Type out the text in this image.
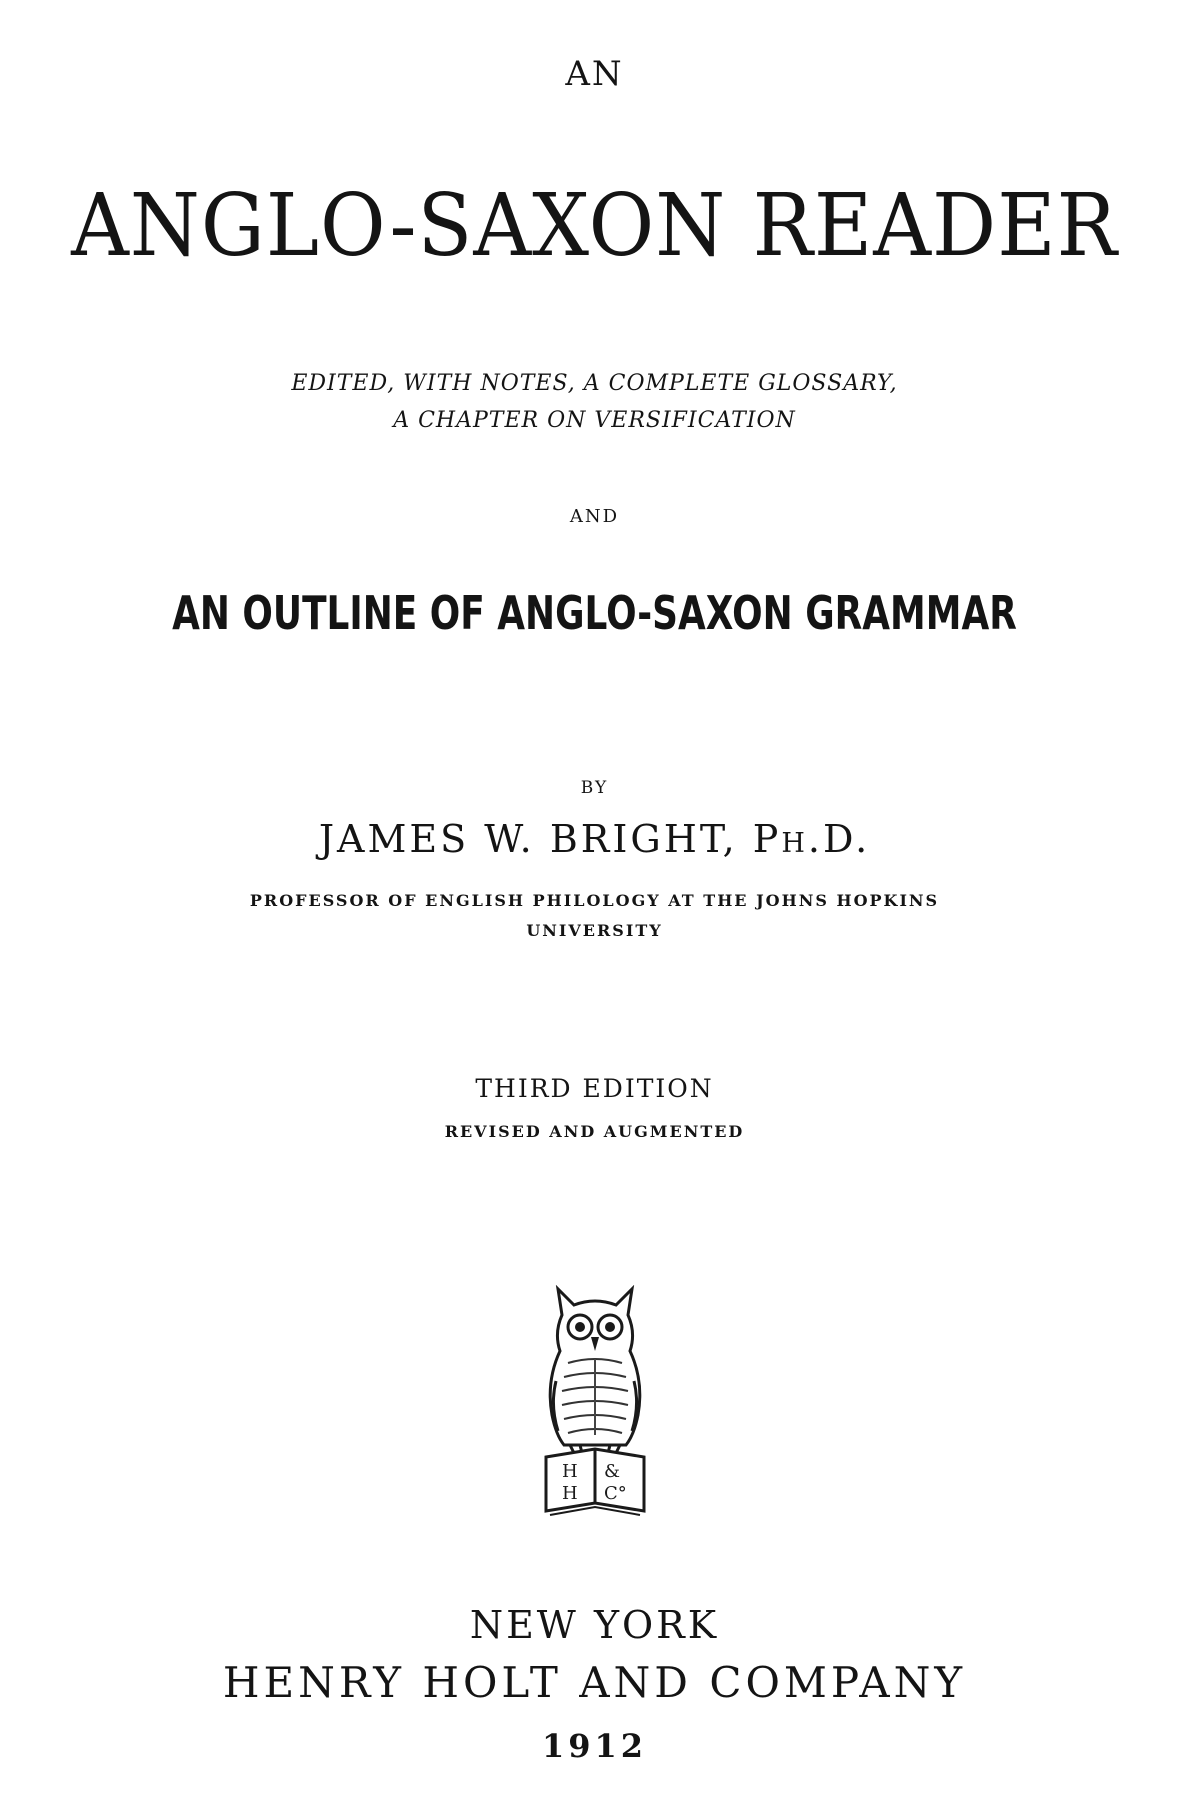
AN
ANGLO-SAXON READER
EDITED, WITH NOTES, A COMPLETE GLOSSARY,
A CHAPTER ON VERSIFICATION
AND
AN OUTLINE OF ANGLO-SAXON GRAMMAR
BY
JAMES W. BRIGHT, Ph.D.
PROFESSOR OF ENGLISH PHILOLOGY AT THE JOHNS HOPKINS
UNIVERSITY
THIRD EDITION
REVISED AND AUGMENTED
H &
H C°
NEW YORK
HENRY HOLT AND COMPANY
1912
